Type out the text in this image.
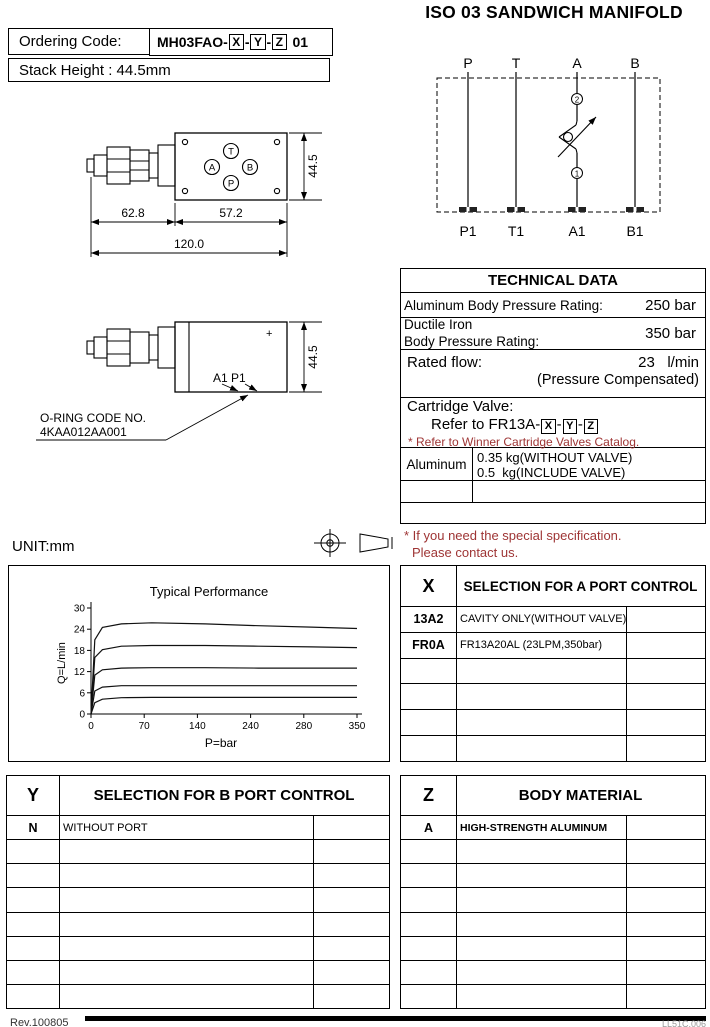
ISO 03 SANDWICH MANIFOLD
Ordering Code:	MH03FAO- X - Y - Z 01
Stack Height : 44.5mm
T
A	B
P
62.8	57.2
120.0
44.5
+
A1 P1
44.5
O-RING CODE NO.
4KAA012AA001
UNIT:mm
P	T	A	B
2
1
P1 T1	A1	B1
TECHNICAL DATA
Aluminum Body Pressure Rating:	250 bar
Ductile Iron
Body Pressure Rating:	350 bar
Rated flow:	23   l/min
(Pressure Compensated)
Cartridge Valve:
Refer to FR13A- X - Y - Z
* Refer to Winner Cartridge Valves Catalog.
Aluminum 0.35 kg(WITHOUT VALVE)
0.5  kg(INCLUDE VALVE)
* If you need the special specification.
Please contact us.
Typical Performance
Q=L/min
P=bar
0
6
12
18
24
30
0	70	140	240	280	350
X	SELECTION FOR A PORT CONTROL
13A2	CAVITY ONLY(WITHOUT VALVE)
FR0A	FR13A20AL (23LPM,350bar)
Y	SELECTION FOR B PORT CONTROL
N	WITHOUT PORT
Z	BODY MATERIAL
A	HIGH-STRENGTH ALUMINUM
Rev.100805	LL51C.006
